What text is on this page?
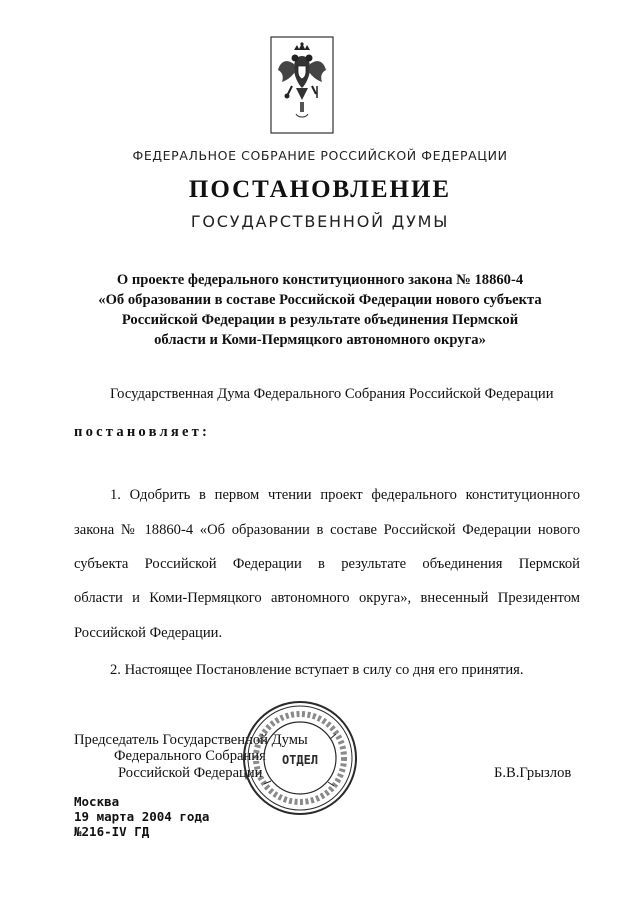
ФЕДЕРАЛЬНОЕ СОБРАНИЕ РОССИЙСКОЙ ФЕДЕРАЦИИ
ПОСТАНОВЛЕНИЕ
ГОСУДАРСТВЕННОЙ ДУМЫ
О проекте федерального конституционного закона № 18860-4
«Об образовании в составе Российской Федерации нового субъекта
Российской Федерации в результате объединения Пермской
области и Коми-Пермяцкого автономного округа»
Государственная Дума Федерального Собрания Российской Федерации
постановляет:
1. Одобрить в первом чтении проект федерального конституционного
закона № 18860-4 «Об образовании в составе Российской Федерации нового
субъекта Российской Федерации в результате объединения Пермской
области и Коми-Пермяцкого автономного округа», внесенный Президентом
Российской Федерации.
2. Настоящее Постановление вступает в силу со дня его принятия.
Председатель Государственной Думы
Федерального Собрания
Российской Федерации	Б.В.Грызлов
ОТДЕЛ
Москва
19 марта 2004 года
№216-IV ГД
